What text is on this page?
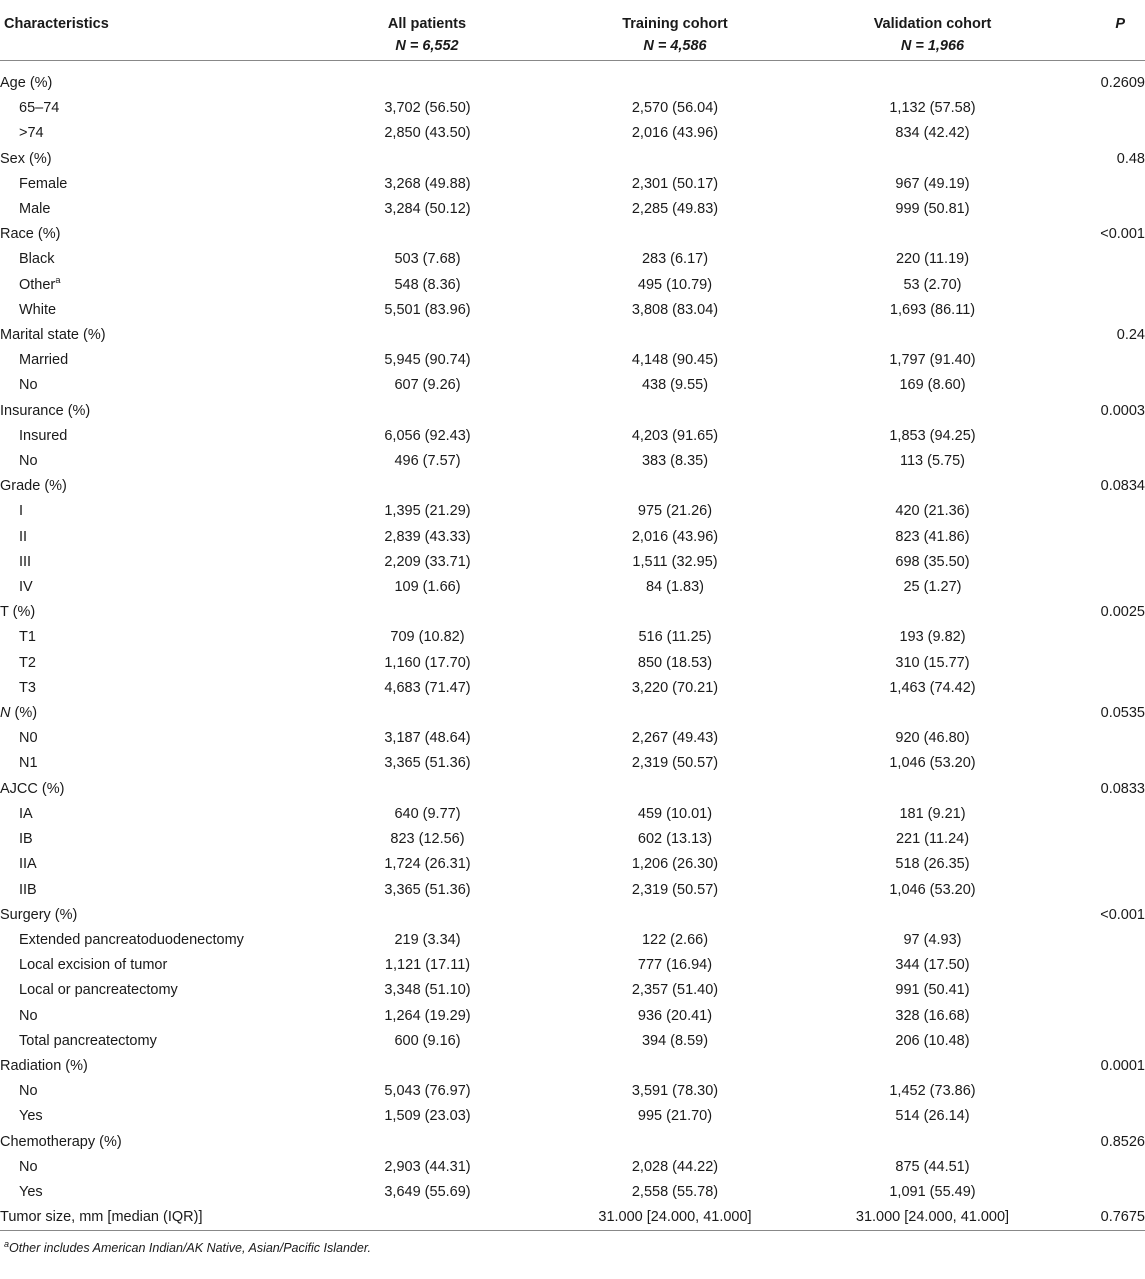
Characteristics	All patients	Training cohort	Validation cohort	P
	N = 6,552	N = 4,586	N = 1,966	

Age (%)				0.2609
65–74	3,702 (56.50)	2,570 (56.04)	1,132 (57.58)	
>74	2,850 (43.50)	2,016 (43.96)	834 (42.42)	
Sex (%)				0.48
Female	3,268 (49.88)	2,301 (50.17)	967 (49.19)	
Male	3,284 (50.12)	2,285 (49.83)	999 (50.81)	
Race (%)				<0.001
Black	503 (7.68)	283 (6.17)	220 (11.19)	
Other$^a$	548 (8.36)	495 (10.79)	53 (2.70)	
White	5,501 (83.96)	3,808 (83.04)	1,693 (86.11)	
Marital state (%)				0.24
Married	5,945 (90.74)	4,148 (90.45)	1,797 (91.40)	
No	607 (9.26)	438 (9.55)	169 (8.60)	
Insurance (%)				0.0003
Insured	6,056 (92.43)	4,203 (91.65)	1,853 (94.25)	
No	496 (7.57)	383 (8.35)	113 (5.75)	
Grade (%)				0.0834
I	1,395 (21.29)	975 (21.26)	420 (21.36)	
II	2,839 (43.33)	2,016 (43.96)	823 (41.86)	
III	2,209 (33.71)	1,511 (32.95)	698 (35.50)	
IV	109 (1.66)	84 (1.83)	25 (1.27)	
T (%)				0.0025
T1	709 (10.82)	516 (11.25)	193 (9.82)	
T2	1,160 (17.70)	850 (18.53)	310 (15.77)	
T3	4,683 (71.47)	3,220 (70.21)	1,463 (74.42)	
N (%)				0.0535
N0	3,187 (48.64)	2,267 (49.43)	920 (46.80)	
N1	3,365 (51.36)	2,319 (50.57)	1,046 (53.20)	
AJCC (%)				0.0833
IA	640 (9.77)	459 (10.01)	181 (9.21)	
IB	823 (12.56)	602 (13.13)	221 (11.24)	
IIA	1,724 (26.31)	1,206 (26.30)	518 (26.35)	
IIB	3,365 (51.36)	2,319 (50.57)	1,046 (53.20)	
Surgery (%)				<0.001
Extended pancreatoduodenectomy	219 (3.34)	122 (2.66)	97 (4.93)	
Local excision of tumor	1,121 (17.11)	777 (16.94)	344 (17.50)	
Local or pancreatectomy	3,348 (51.10)	2,357 (51.40)	991 (50.41)	
No	1,264 (19.29)	936 (20.41)	328 (16.68)	
Total pancreatectomy	600 (9.16)	394 (8.59)	206 (10.48)	
Radiation (%)				0.0001
No	5,043 (76.97)	3,591 (78.30)	1,452 (73.86)	
Yes	1,509 (23.03)	995 (21.70)	514 (26.14)	
Chemotherapy (%)				0.8526
No	2,903 (44.31)	2,028 (44.22)	875 (44.51)	
Yes	3,649 (55.69)	2,558 (55.78)	1,091 (55.49)	
Tumor size, mm [median (IQR)]		31.000 [24.000, 41.000]	31.000 [24.000, 41.000]	0.7675
$^a$Other includes American Indian/AK Native, Asian/Pacific Islander.
